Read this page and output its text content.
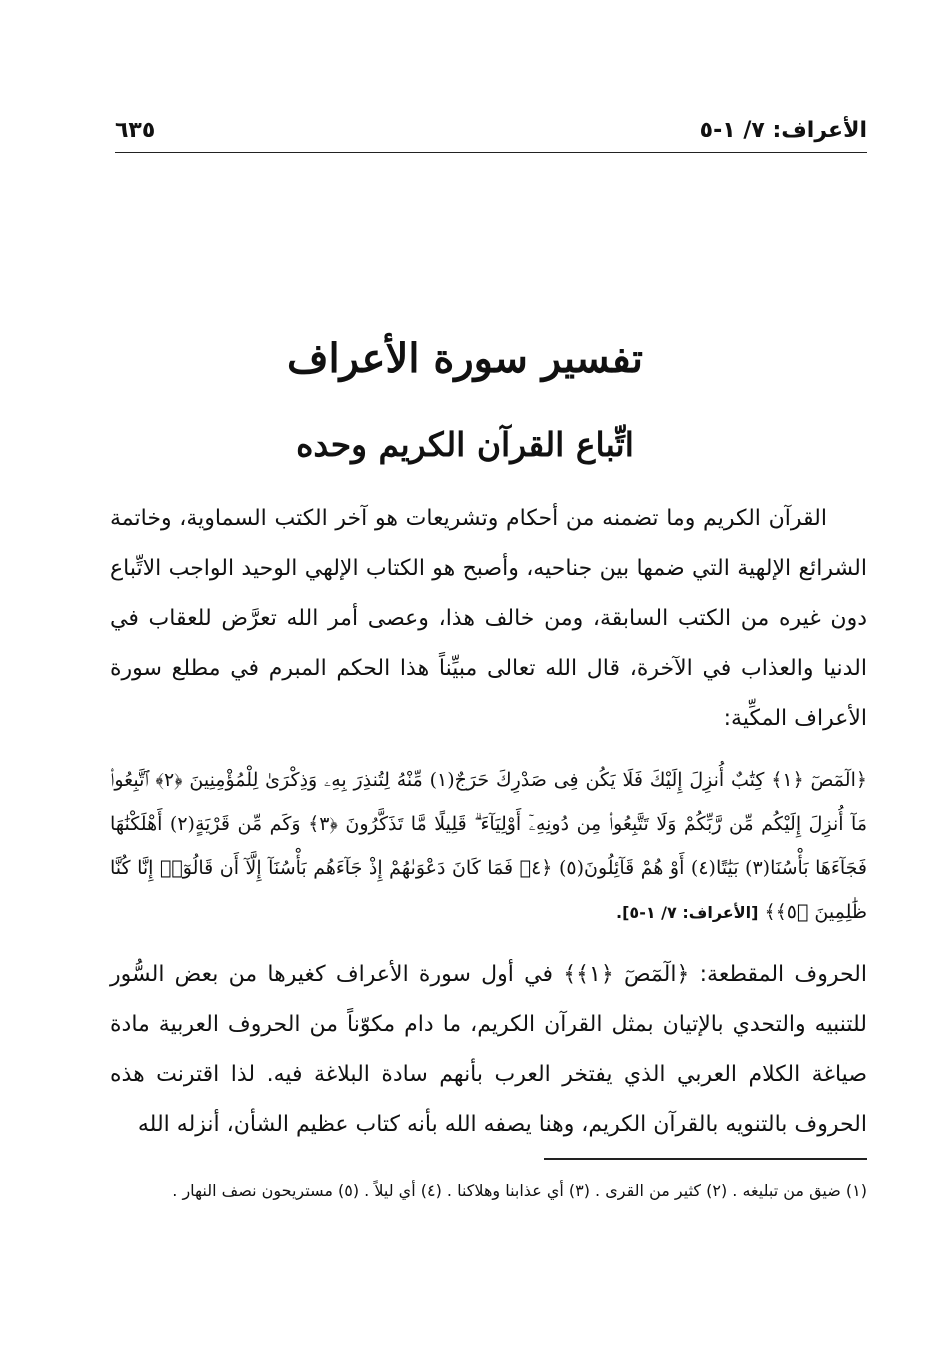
الأعراف: ٧/ ١-٥
٦٣٥
تفسير سورة الأعراف
اتِّباع القرآن الكريم وحده
القرآن الكريم وما تضمنه من أحكام وتشريعات هو آخر الكتب السماوية، وخاتمة الشرائع الإلهية التي ضمها بين جناحيه، وأصبح هو الكتاب الإلهي الوحيد الواجب الاتِّباع دون غيره من الكتب السابقة، ومن خالف هذا، وعصى أمر الله تعرَّض للعقاب في الدنيا والعذاب في الآخرة، قال الله تعالى مبيِّناً هذا الحكم المبرم في مطلع سورة الأعراف المكِّية:
﴿الٓمٓصٓ ﴿١﴾ كِتَٰبٌ أُنزِلَ إِلَيْكَ فَلَا يَكُن فِى صَدْرِكَ حَرَجٌ(١) مِّنْهُ لِتُنذِرَ بِهِۦ وَذِكْرَىٰ لِلْمُؤْمِنِينَ ﴿٢﴾ ٱتَّبِعُوا۟ مَآ أُنزِلَ إِلَيْكُم مِّن رَّبِّكُمْ وَلَا تَتَّبِعُوا۟ مِن دُونِهِۦٓ أَوْلِيَآءَ ۗ قَلِيلًا مَّا تَذَكَّرُونَ ﴿٣﴾ وَكَم مِّن قَرْيَةٍ(٢) أَهْلَكْنَٰهَا فَجَآءَهَا بَأْسُنَا(٣) بَيَٰتًا(٤) أَوْ هُمْ قَآئِلُونَ(٥) ﴿٤﴾ فَمَا كَانَ دَعْوَىٰهُمْ إِذْ جَآءَهُم بَأْسُنَآ إِلَّآ أَن قَالُوٓا۟ إِنَّا كُنَّا ظَٰلِمِينَ ﴿٥﴾﴾ [الأعراف: ٧/ ١-٥].
الحروف المقطعة: ﴿الٓمٓصٓ ﴿١﴾﴾ في أول سورة الأعراف كغيرها من بعض السُّور للتنبيه والتحدي بالإتيان بمثل القرآن الكريم، ما دام مكوّناً من الحروف العربية مادة صياغة الكلام العربي الذي يفتخر العرب بأنهم سادة البلاغة فيه. لذا اقترنت هذه الحروف بالتنويه بالقرآن الكريم، وهنا يصفه الله بأنه كتاب عظيم الشأن، أنزله الله
(١) ضيق من تبليغه . (٢) كثير من القرى . (٣) أي عذابنا وهلاكنا . (٤) أي ليلاً . (٥) مستريحون نصف النهار .
